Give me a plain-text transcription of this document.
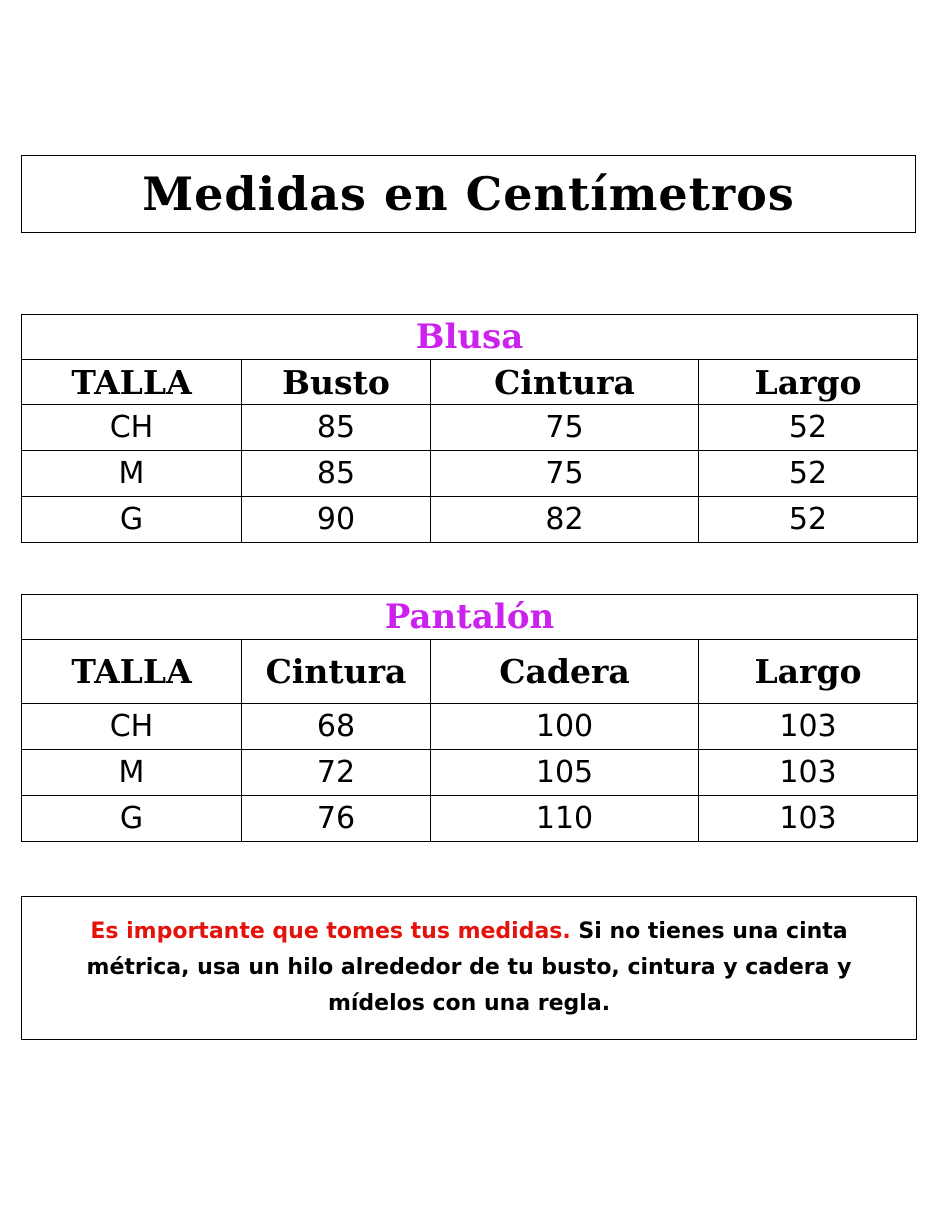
Medidas en Centímetros
Blusa			
TALLA	Busto	Cintura	Largo
CH	85	75	52
M	85	75	52
G	90	82	52
Pantalón			
TALLA	Cintura	Cadera	Largo
CH	68	100	103
M	72	105	103
G	76	110	103
Es importante que tomes tus medidas. Si no tienes una cinta métrica, usa un hilo alrededor de tu busto, cintura y cadera y mídelos con una regla.
